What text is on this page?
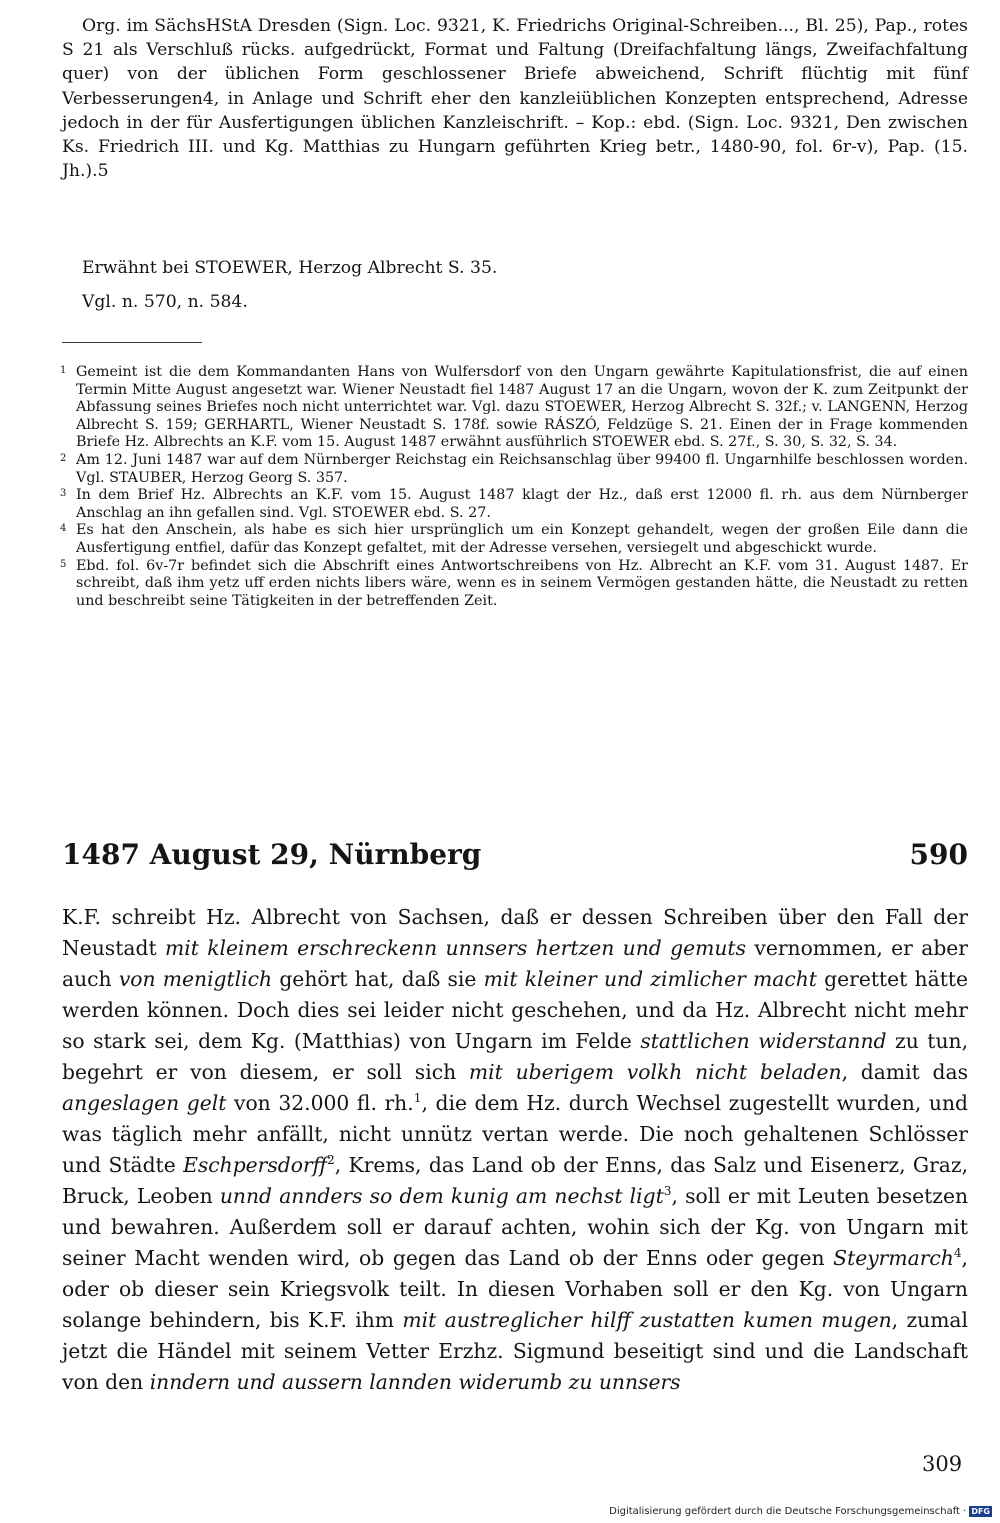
Org. im SächsHStA Dresden (Sign. Loc. 9321, K. Friedrichs Original-Schreiben..., Bl. 25), Pap., rotes S 21 als Verschluß rücks. aufgedrückt, Format und Faltung (Dreifachfaltung längs, Zweifachfaltung quer) von der üblichen Form geschlossener Briefe abweichend, Schrift flüchtig mit fünf Verbesserungen4, in Anlage und Schrift eher den kanzleiüblichen Konzepten entsprechend, Adresse jedoch in der für Ausfertigungen üblichen Kanzleischrift. – Kop.: ebd. (Sign. Loc. 9321, Den zwischen Ks. Friedrich III. und Kg. Matthias zu Hungarn geführten Krieg betr., 1480-90, fol. 6r-v), Pap. (15. Jh.).5

Erwähnt bei STOEWER, Herzog Albrecht S. 35.

Vgl. n. 570, n. 584.

1 Gemeint ist die dem Kommandanten Hans von Wulfersdorf von den Ungarn gewährte Kapitulationsfrist, die auf einen Termin Mitte August angesetzt war. Wiener Neustadt fiel 1487 August 17 an die Ungarn, wovon der K. zum Zeitpunkt der Abfassung seines Briefes noch nicht unterrichtet war. Vgl. dazu STOEWER, Herzog Albrecht S. 32f.; v. LANGENN, Herzog Albrecht S. 159; GERHARTL, Wiener Neustadt S. 178f. sowie RÁSZÓ, Feldzüge S. 21. Einen der in Frage kommenden Briefe Hz. Albrechts an K.F. vom 15. August 1487 erwähnt ausführlich STOEWER ebd. S. 27f., S. 30, S. 32, S. 34.

2 Am 12. Juni 1487 war auf dem Nürnberger Reichstag ein Reichsanschlag über 99400 fl. Ungarnhilfe beschlossen worden. Vgl. STAUBER, Herzog Georg S. 357.

3 In dem Brief Hz. Albrechts an K.F. vom 15. August 1487 klagt der Hz., daß erst 12000 fl. rh. aus dem Nürnberger Anschlag an ihn gefallen sind. Vgl. STOEWER ebd. S. 27.

4 Es hat den Anschein, als habe es sich hier ursprünglich um ein Konzept gehandelt, wegen der großen Eile dann die Ausfertigung entfiel, dafür das Konzept gefaltet, mit der Adresse versehen, versiegelt und abgeschickt wurde.

5 Ebd. fol. 6v-7r befindet sich die Abschrift eines Antwortschreibens von Hz. Albrecht an K.F. vom 31. August 1487. Er schreibt, daß ihm yetz uff erden nichts libers wäre, wenn es in seinem Vermögen gestanden hätte, die Neustadt zu retten und beschreibt seine Tätigkeiten in der betreffenden Zeit.

1487 August 29, Nürnberg	590

K.F. schreibt Hz. Albrecht von Sachsen, daß er dessen Schreiben über den Fall der Neustadt mit kleinem erschreckenn unnsers hertzen und gemuts vernommen, er aber auch von menigtlich gehört hat, daß sie mit kleiner und zimlicher macht gerettet hätte werden können. Doch dies sei leider nicht geschehen, und da Hz. Albrecht nicht mehr so stark sei, dem Kg. (Matthias) von Ungarn im Felde stattlichen widerstannd zu tun, begehrt er von diesem, er soll sich mit uberigem volkh nicht beladen, damit das angeslagen gelt von 32.000 fl. rh.$^1$, die dem Hz. durch Wechsel zugestellt wurden, und was täglich mehr anfällt, nicht unnütz vertan werde. Die noch gehaltenen Schlösser und Städte Eschpersdorff$^2$, Krems, das Land ob der Enns, das Salz und Eisenerz, Graz, Bruck, Leoben unnd annders so dem kunig am nechst ligt$^3$, soll er mit Leuten besetzen und bewahren. Außerdem soll er darauf achten, wohin sich der Kg. von Ungarn mit seiner Macht wenden wird, ob gegen das Land ob der Enns oder gegen Steyrmarch$^4$, oder ob dieser sein Kriegsvolk teilt. In diesen Vorhaben soll er den Kg. von Ungarn solange behindern, bis K.F. ihm mit austreglicher hilff zustatten kumen mugen, zumal jetzt die Händel mit seinem Vetter Erzhz. Sigmund beseitigt sind und die Landschaft von den inndern und aussern lannden widerumb zu unnsers

309
Digitalisierung gefördert durch die Deutsche Forschungsgemeinschaft · DFG
